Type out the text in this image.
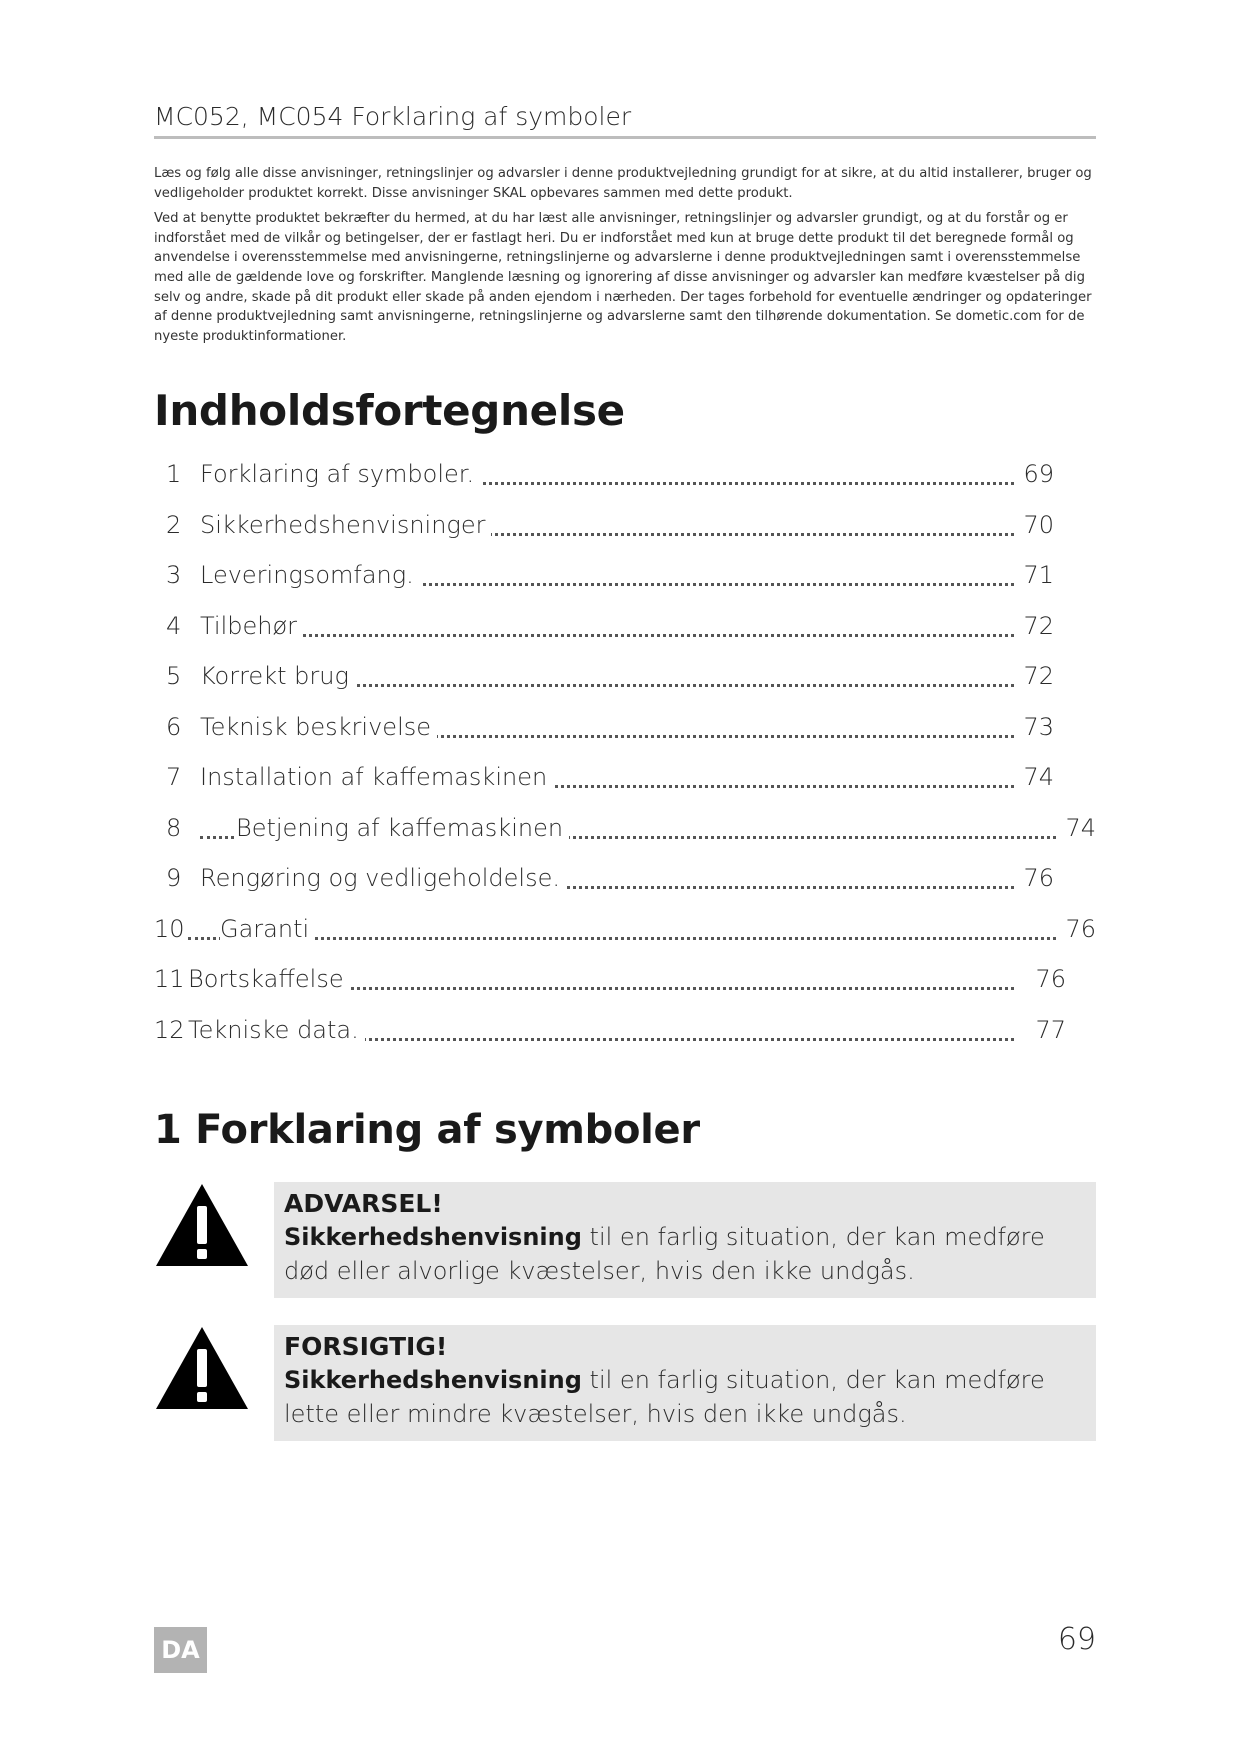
MC052, MC054 Forklaring af symboler

Læs og følg alle disse anvisninger, retningslinjer og advarsler i denne produktvejledning grundigt for at sikre, at du altid installerer, bruger og vedligeholder produktet korrekt. Disse anvisninger SKAL opbevares sammen med dette produkt.

Ved at benytte produktet bekræfter du hermed, at du har læst alle anvisninger, retningslinjer og advarsler grundigt, og at du forstår og er indforstået med de vilkår og betingelser, der er fastlagt heri. Du er indforstået med kun at bruge dette produkt til det beregnede formål og anvendelse i overensstemmelse med anvisningerne, retningslinjerne og advarslerne i denne produktvejledningen samt i overensstemmelse med alle de gældende love og forskrifter. Manglende læsning og ignorering af disse anvisninger og advarsler kan medføre kvæstelser på dig selv og andre, skade på dit produkt eller skade på anden ejendom i nærheden. Der tages forbehold for eventuelle ændringer og opdateringer af denne produktvejledning samt anvisningerne, retningslinjerne og advarslerne samt den tilhørende dokumentation. Se dometic.com for de nyeste produktinformationer.

Indholdsfortegnelse
1 Forklaring af symboler.	69
2 Sikkerhedshenvisninger	70
3 Leveringsomfang.	71
4 Tilbehør	72
5 Korrekt brug	72
6 Teknisk beskrivelse	73
7 Installation af kaffemaskinen	74
8 Betjening af kaffemaskinen	74
9 Rengøring og vedligeholdelse.	76
10 Garanti	76
11 Bortskaffelse	76
12 Tekniske data.	77
1 Forklaring af symboler
ADVARSEL!
Sikkerhedshenvisning til en farlig situation, der kan medføre død eller alvorlige kvæstelser, hvis den ikke undgås.
FORSIGTIG!
Sikkerhedshenvisning til en farlig situation, der kan medføre lette eller mindre kvæstelser, hvis den ikke undgås.
DA	69
